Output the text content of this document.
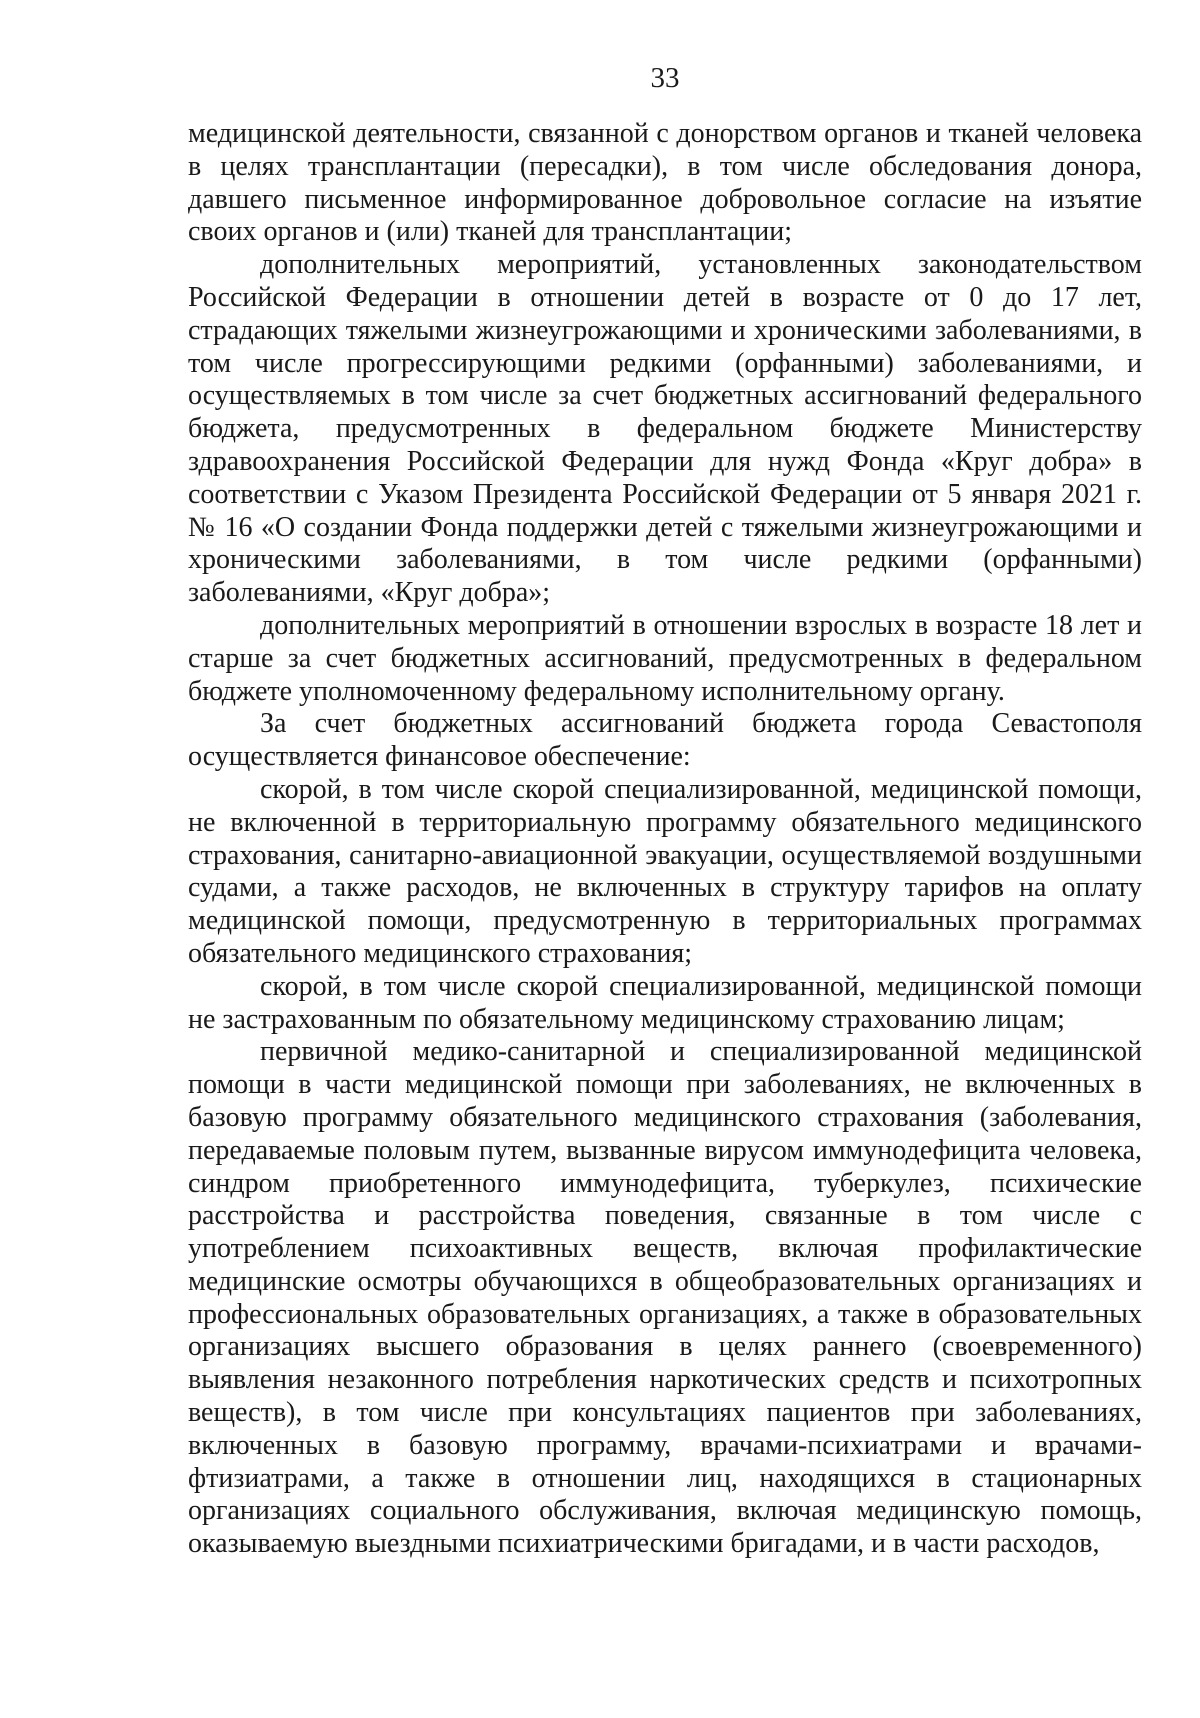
33

медицинской деятельности, связанной с донорством органов и тканей человека в целях трансплантации (пересадки), в том числе обследования донора, давшего письменное информированное добровольное согласие на изъятие своих органов и (или) тканей для трансплантации;

дополнительных мероприятий, установленных законодательством Российской Федерации в отношении детей в возрасте от 0 до 17 лет, страдающих тяжелыми жизнеугрожающими и хроническими заболеваниями, в том числе прогрессирующими редкими (орфанными) заболеваниями, и осуществляемых в том числе за счет бюджетных ассигнований федерального бюджета, предусмотренных в федеральном бюджете Министерству здравоохранения Российской Федерации для нужд Фонда «Круг добра» в соответствии с Указом Президента Российской Федерации от 5 января 2021 г. № 16 «О создании Фонда поддержки детей с тяжелыми жизнеугрожающими и хроническими заболеваниями, в том числе редкими (орфанными) заболеваниями, «Круг добра»;

дополнительных мероприятий в отношении взрослых в возрасте 18 лет и старше за счет бюджетных ассигнований, предусмотренных в федеральном бюджете уполномоченному федеральному исполнительному органу.

За счет бюджетных ассигнований бюджета города Севастополя осуществляется финансовое обеспечение:

скорой, в том числе скорой специализированной, медицинской помощи, не включенной в территориальную программу обязательного медицинского страхования, санитарно-авиационной эвакуации, осуществляемой воздушными судами, а также расходов, не включенных в структуру тарифов на оплату медицинской помощи, предусмотренную в территориальных программах обязательного медицинского страхования;

скорой, в том числе скорой специализированной, медицинской помощи не застрахованным по обязательному медицинскому страхованию лицам;

первичной медико-санитарной и специализированной медицинской помощи в части медицинской помощи при заболеваниях, не включенных в базовую программу обязательного медицинского страхования (заболевания, передаваемые половым путем, вызванные вирусом иммунодефицита человека, синдром приобретенного иммунодефицита, туберкулез, психические расстройства и расстройства поведения, связанные в том числе с употреблением психоактивных веществ, включая профилактические медицинские осмотры обучающихся в общеобразовательных организациях и профессиональных образовательных организациях, а также в образовательных организациях высшего образования в целях раннего (своевременного) выявления незаконного потребления наркотических средств и психотропных веществ), в том числе при консультациях пациентов при заболеваниях, включенных в базовую программу, врачами-психиатрами и врачами-фтизиатрами, а также в отношении лиц, находящихся в стационарных организациях социального обслуживания, включая медицинскую помощь, оказываемую выездными психиатрическими бригадами, и в части расходов,
